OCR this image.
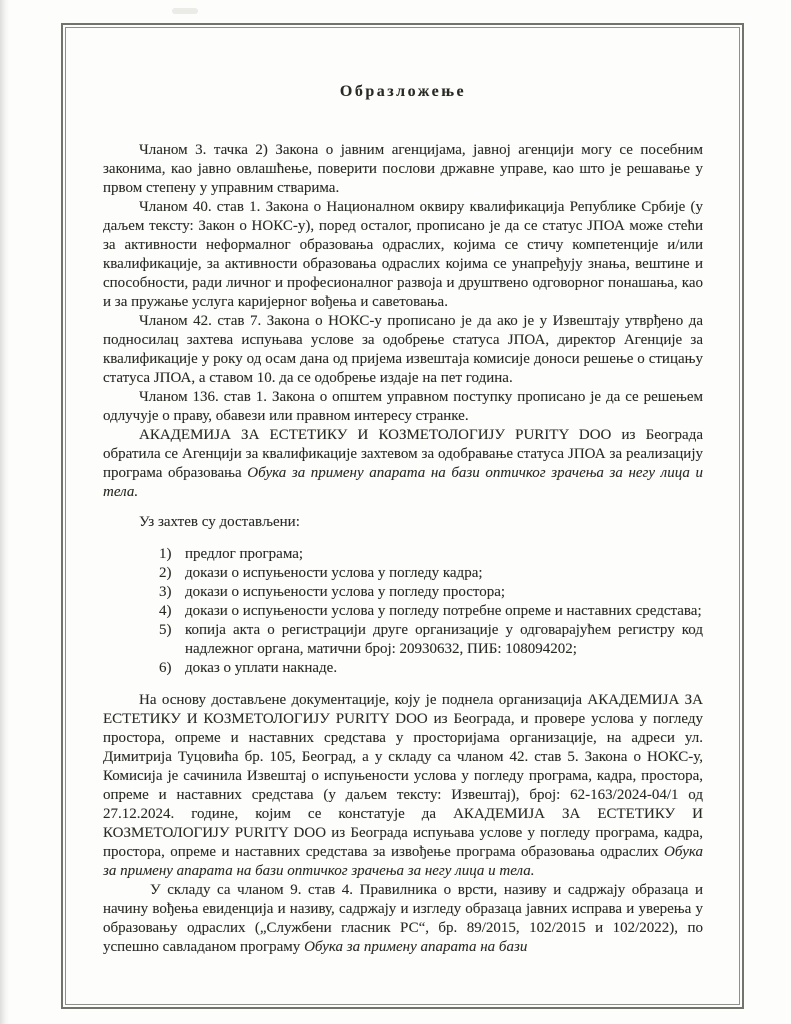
Образложење

Чланом 3. тачка 2) Закона о јавним агенцијама, јавној агенцији могу се посебним законима, као јавно овлашћење, поверити послови државне управе, као што је решавање у првом степену у управним стварима.

Чланом 40. став 1. Закона о Националном оквиру квалификација Републике Србије (у даљем тексту: Закон о НОКС-у), поред осталог, прописано је да се статус ЈПОА може стећи за активности неформалног образовања одраслих, којима се стичу компетенције и/или квалификације, за активности образовања одраслих којима се унапређују знања, вештине и способности, ради личног и професионалног развоја и друштвено одговорног понашања, као и за пружање услуга каријерног вођења и саветовања.

Чланом 42. став 7. Закона о НОКС-у прописано је да ако је у Извештају утврђено да подносилац захтева испуњава услове за одобрење статуса ЈПОА, директор Агенције за квалификације у року од осам дана од пријема извештаја комисије доноси решење о стицању статуса ЈПОА, а ставом 10. да се одобрење издаје на пет година.

Чланом 136. став 1. Закона о општем управном поступку прописано је да се решењем одлучује о праву, обавези или правном интересу странке.

АКАДЕМИЈА ЗА ЕСТЕТИКУ И КОЗМЕТОЛОГИЈУ PURITY DOO из Београда обратила се Агенцији за квалификације захтевом за одобравање статуса ЈПОА за реализацију програма образовања Обука за примену апарата на бази оптичког зрачења за негу лица и тела.

Уз захтев су достављени:

1) предлог програма;
2) докази о испуњености услова у погледу кадра;
3) докази о испуњености услова у погледу простора;
4) докази о испуњености услова у погледу потребне опреме и наставних средстава;
5) копија акта о регистрацији друге организације у одговарајућем регистру код надлежног органа, матични број: 20930632, ПИБ: 108094202;
6) доказ о уплати накнаде.

На основу достављене документације, коју је поднела организација АКАДЕМИЈА ЗА ЕСТЕТИКУ И КОЗМЕТОЛОГИЈУ PURITY DOO из Београда, и провере услова у погледу простора, опреме и наставних средстава у просторијама организације, на адреси ул. Димитрија Туцовића бр. 105, Београд, а у складу са чланом 42. став 5. Закона о НОКС-у, Комисија је сачинила Извештај о испуњености услова у погледу програма, кадра, простора, опреме и наставних средстава (у даљем тексту: Извештај), број: 62-163/2024-04/1 од 27.12.2024. године, којим се констатује да АКАДЕМИЈА ЗА ЕСТЕТИКУ И КОЗМЕТОЛОГИЈУ PURITY DOO из Београда испуњава услове у погледу програма, кадра, простора, опреме и наставних средстава за извођење програма образовања одраслих Обука за примену апарата на бази оптичког зрачења за негу лица и тела.

У складу са чланом 9. став 4. Правилника о врсти, називу и садржају образаца и начину вођења евиденција и називу, садржају и изгледу образаца јавних исправа и уверења у образовању одраслих („Службени гласник РС“, бр. 89/2015, 102/2015 и 102/2022), по успешно савладаном програму Обука за примену апарата на бази
